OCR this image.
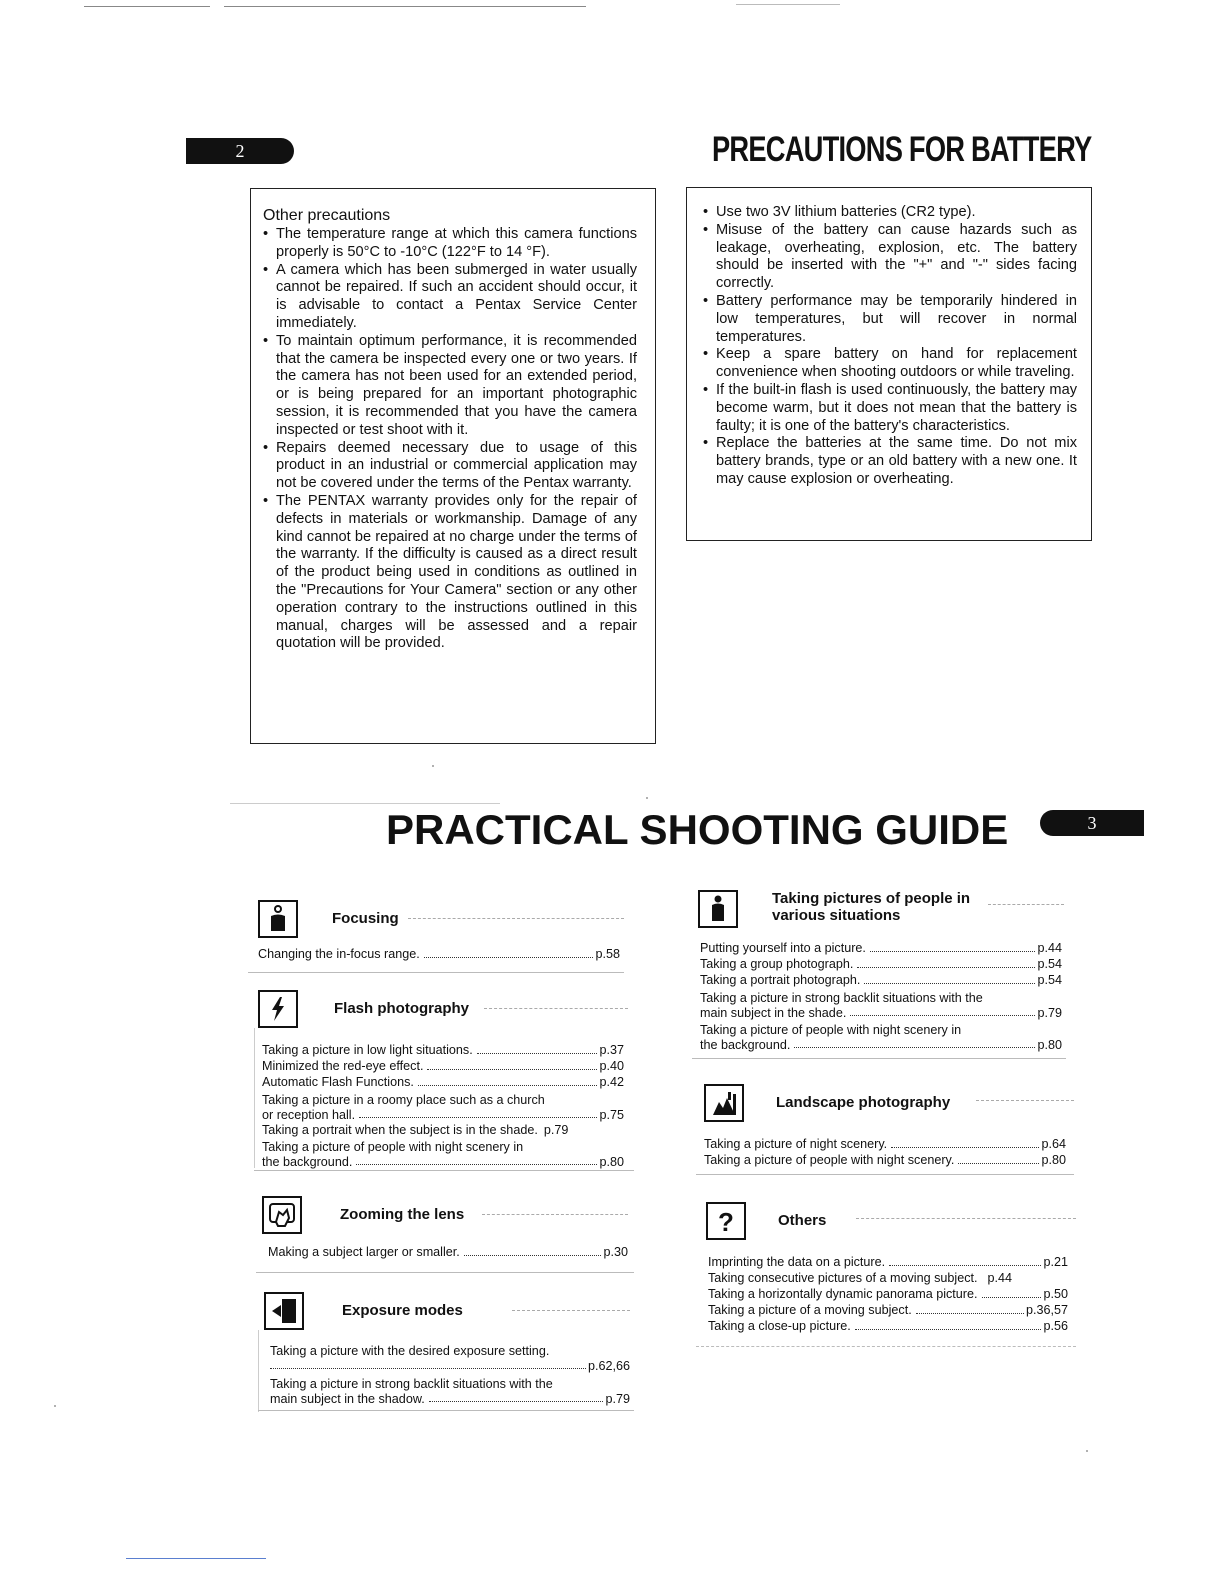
2	PRECAUTIONS FOR BATTERY
Other precautions
• The temperature range at which this camera functions properly is 50°C to -10°C (122°F to 14 °F).
• A camera which has been submerged in water usually cannot be repaired. If such an accident should occur, it is advisable to contact a Pentax Service Center immediately.
• To maintain optimum performance, it is recommended that the camera be inspected every one or two years. If the camera has not been used for an extended period, or is being prepared for an important photographic session, it is recommended that you have the camera inspected or test shoot with it.
• Repairs deemed necessary due to usage of this product in an industrial or commercial application may not be covered under the terms of the Pentax warranty.
• The PENTAX warranty provides only for the repair of defects in materials or workmanship. Damage of any kind cannot be repaired at no charge under the terms of the warranty. If the difficulty is caused as a direct result of the product being used in conditions as outlined in the "Precautions for Your Camera" section or any other operation contrary to the instructions outlined in this manual, charges will be assessed and a repair quotation will be provided.
• Use two 3V lithium batteries (CR2 type).
• Misuse of the battery can cause hazards such as leakage, overheating, explosion, etc. The battery should be inserted with the "+" and "-" sides facing correctly.
• Battery performance may be temporarily hindered in low temperatures, but will recover in normal temperatures.
• Keep a spare battery on hand for replacement convenience when shooting outdoors or while traveling.
• If the built-in flash is used continuously, the battery may become warm, but it does not mean that the battery is faulty; it is one of the battery's characteristics.
• Replace the batteries at the same time. Do not mix battery brands, type or an old battery with a new one. It may cause explosion or overheating.
PRACTICAL SHOOTING GUIDE	3
Focusing
Changing the in-focus range.	p.58
Flash photography
Taking a picture in low light situations.	p.37
Minimized the red-eye effect.	p.40
Automatic Flash Functions.	p.42
Taking a picture in a roomy place such as a church
or reception hall.	p.75
Taking a portrait when the subject is in the shade. p.79
Taking a picture of people with night scenery in
the background.	p.80
Zooming the lens
Making a subject larger or smaller.	p.30
Exposure modes
Taking a picture with the desired exposure setting.
p.62,66
Taking a picture in strong backlit situations with the
main subject in the shadow.	p.79
Taking pictures of people in
various situations
Putting yourself into a picture.	p.44
Taking a group photograph.	p.54
Taking a portrait photograph.	p.54
Taking a picture in strong backlit situations with the
main subject in the shade.	p.79
Taking a picture of people with night scenery in
the background.	p.80
Landscape photography
Taking a picture of night scenery.	p.64
Taking a picture of people with night scenery.	p.80
?	Others
Imprinting the data on a picture.	p.21
Taking consecutive pictures of a moving subject. p.44
Taking a horizontally dynamic panorama picture.	p.50
Taking a picture of a moving subject.	p.36,57
Taking a close-up picture.	p.56
